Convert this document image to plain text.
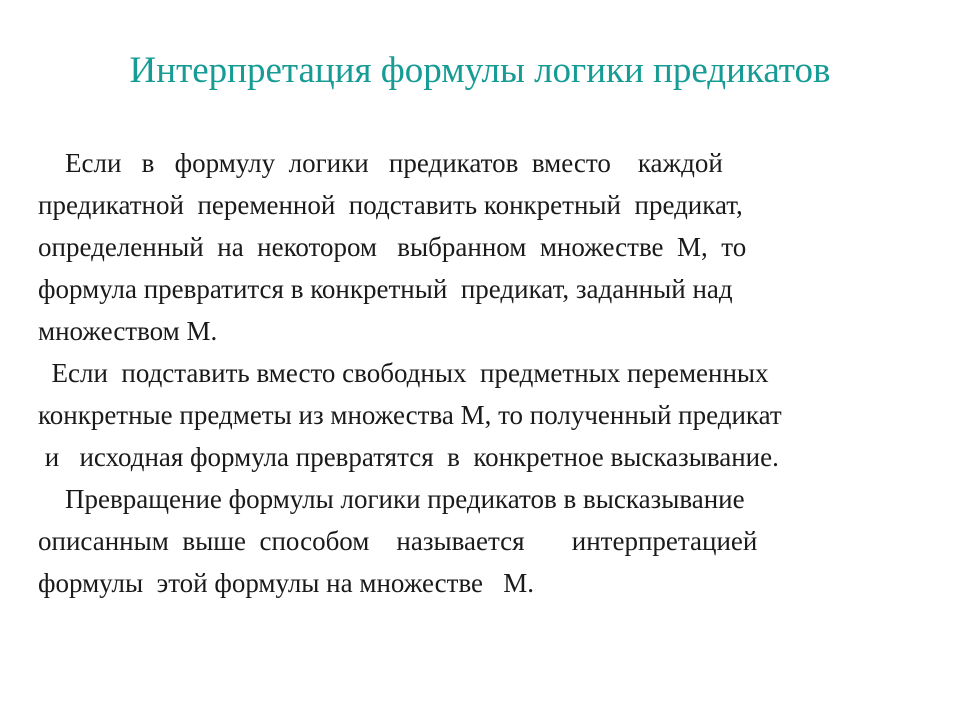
Интерпретация формулы логики предикатов
Если   в   формулу  логики   предикатов  вместо    каждой
предикатной  переменной  подставить конкретный  предикат,
определенный  на  некотором   выбранном  множестве  М,  то
формула превратится в конкретный  предикат, заданный над
множеством М.
Если  подставить вместо свободных  предметных переменных
конкретные предметы из множества М, то полученный предикат
и   исходная формула превратятся  в  конкретное высказывание.
Превращение формулы логики предикатов в высказывание
описанным  выше  способом    называется       интерпретацией
формулы  этой формулы на множестве   М.
